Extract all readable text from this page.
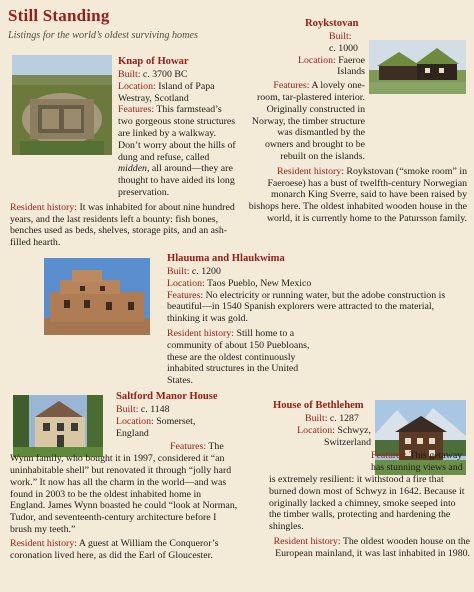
Still Standing
Listings for the world’s oldest surviving homes
Knap of Howar

Built: c. 3700 BC

Location: Island of Papa Westray, Scotland

Features: This farmstead’s two gorgeous stone structures are linked by a walkway. Don’t worry about the hills of dung and refuse, called midden, all around—they are thought to have aided its long preservation.

Resident history: It was inhabited for about nine hundred years, and the last residents left a bounty: fish bones, benches used as beds, shelves, storage pits, and an ash-filled hearth.

Roykstovan

Built: c. 1000

Location: Faeroe Islands

Features: A lovely one-room, tar-plastered interior. Originally constructed in Norway, the timber structure was dismantled by the owners and brought to be rebuilt on the islands.

Resident history: Roykstovan (“smoke room” in Faeroese) has a bust of twelfth-century Norwegian monarch King Sverre, said to have been raised by bishops here. The oldest inhabited wooden house in the world, it is currently home to the Patursson family.

Hlauuma and Hlaukwima

Built: c. 1200

Location: Taos Pueblo, New Mexico

Features: No electricity or running water, but the adobe construction is beautiful—in 1540 Spanish explorers were attracted to the material, thinking it was gold.

Resident history: Still home to a community of about 150 Puebloans, these are the oldest continuously inhabited structures in the United States.

Saltford Manor House

Built: c. 1148

Location: Somerset, England

Features: The Wynn family, who bought it in 1997, considered it “an uninhabitable shell” but renovated it through “jolly hard work.” It now has all the charm in the world—and was found in 2003 to be the oldest inhabited home in England. James Wynn boasted he could “look at Norman, Tudor, and seventeenth-century architecture before I brush my teeth.”

Resident history: A guest at William the Conqueror’s coronation lived here, as did the Earl of Gloucester.

House of Bethlehem

Built: c. 1287

Location: Schwyz, Switzerland

Features: This getaway has stunning views and is extremely resilient: it withstood a fire that burned down most of Schwyz in 1642. Because it originally lacked a chimney, smoke seeped into the timber walls, protecting and hardening the shingles.

Resident history: The oldest wooden house on the European mainland, it was last inhabited in 1980.
